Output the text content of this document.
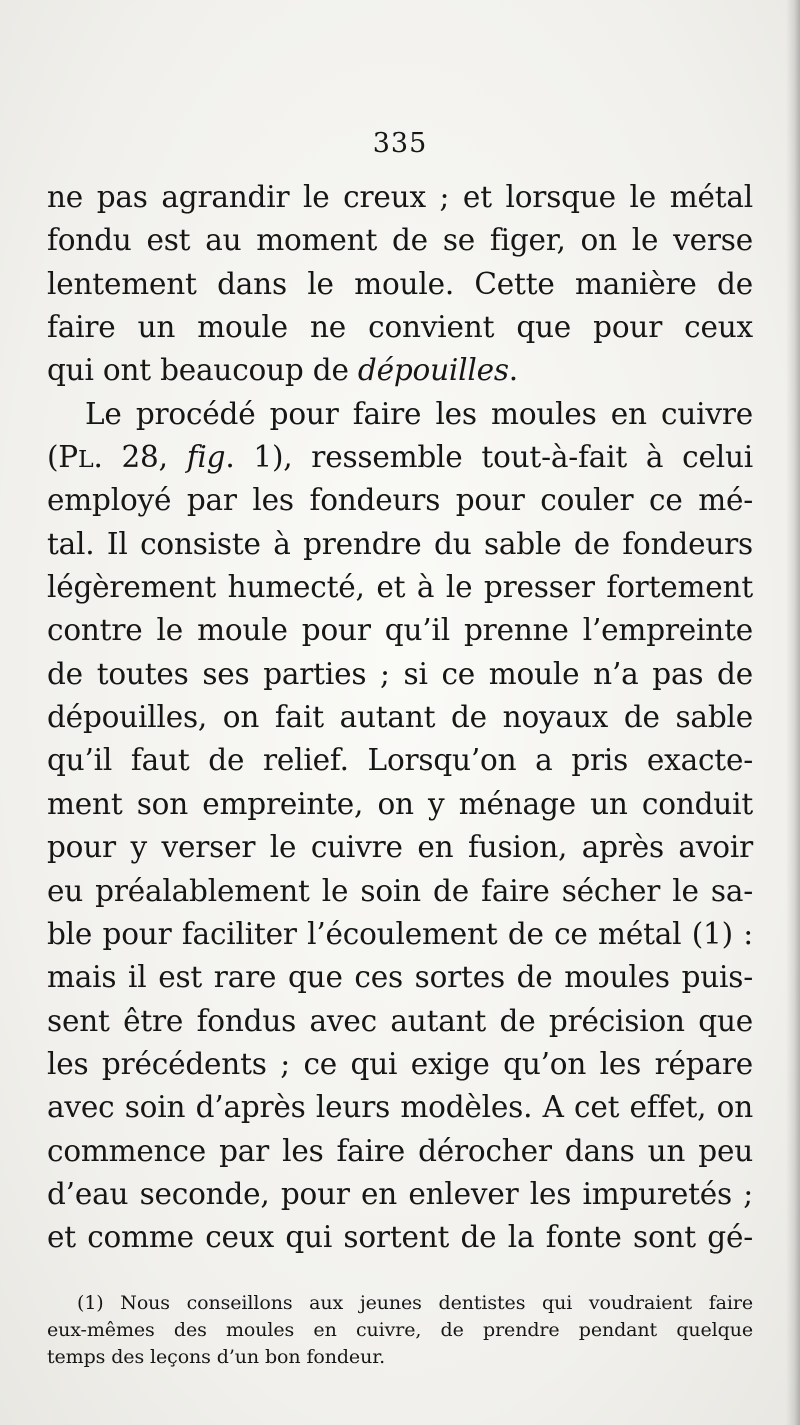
335
ne pas agrandir le creux ; et lorsque le métal
fondu est au moment de se figer, on le verse
lentement dans le moule. Cette manière de
faire un moule ne convient que pour ceux
qui ont beaucoup de dépouilles.
Le procédé pour faire les moules en cuivre
(PL. 28, fig. 1), ressemble tout-à-fait à celui
employé par les fondeurs pour couler ce mé-
tal. Il consiste à prendre du sable de fondeurs
légèrement humecté, et à le presser fortement
contre le moule pour qu’il prenne l’empreinte
de toutes ses parties ; si ce moule n’a pas de
dépouilles, on fait autant de noyaux de sable
qu’il faut de relief. Lorsqu’on a pris exacte-
ment son empreinte, on y ménage un conduit
pour y verser le cuivre en fusion, après avoir
eu préalablement le soin de faire sécher le sa-
ble pour faciliter l’écoulement de ce métal (1) :
mais il est rare que ces sortes de moules puis-
sent être fondus avec autant de précision que
les précédents ; ce qui exige qu’on les répare
avec soin d’après leurs modèles. A cet effet, on
commence par les faire dérocher dans un peu
d’eau seconde, pour en enlever les impuretés ;
et comme ceux qui sortent de la fonte sont gé-
(1) Nous conseillons aux jeunes dentistes qui voudraient faire
eux-mêmes des moules en cuivre, de prendre pendant quelque
temps des leçons d’un bon fondeur.
